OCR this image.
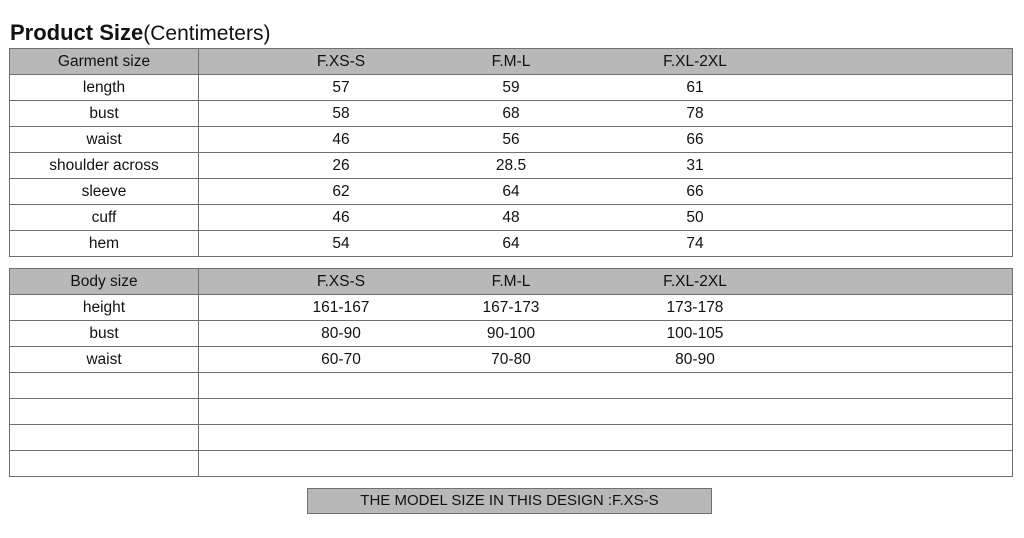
Product Size(Centimeters)
Garment size	F.XS-S F.M-L F.XL-2XL

length	57 59 61

bust	58 68 78

waist	46 56 66

shoulder across	26 28.5 31

sleeve	62 64 66

cuff	46 48 50

hem	54 64 74
Body size	F.XS-S F.M-L F.XL-2XL

height	161-167 167-173 173-178

bust	80-90 90-100 100-105

waist	60-70 70-80 80-90

THE MODEL SIZE IN THIS DESIGN :F.XS-S
